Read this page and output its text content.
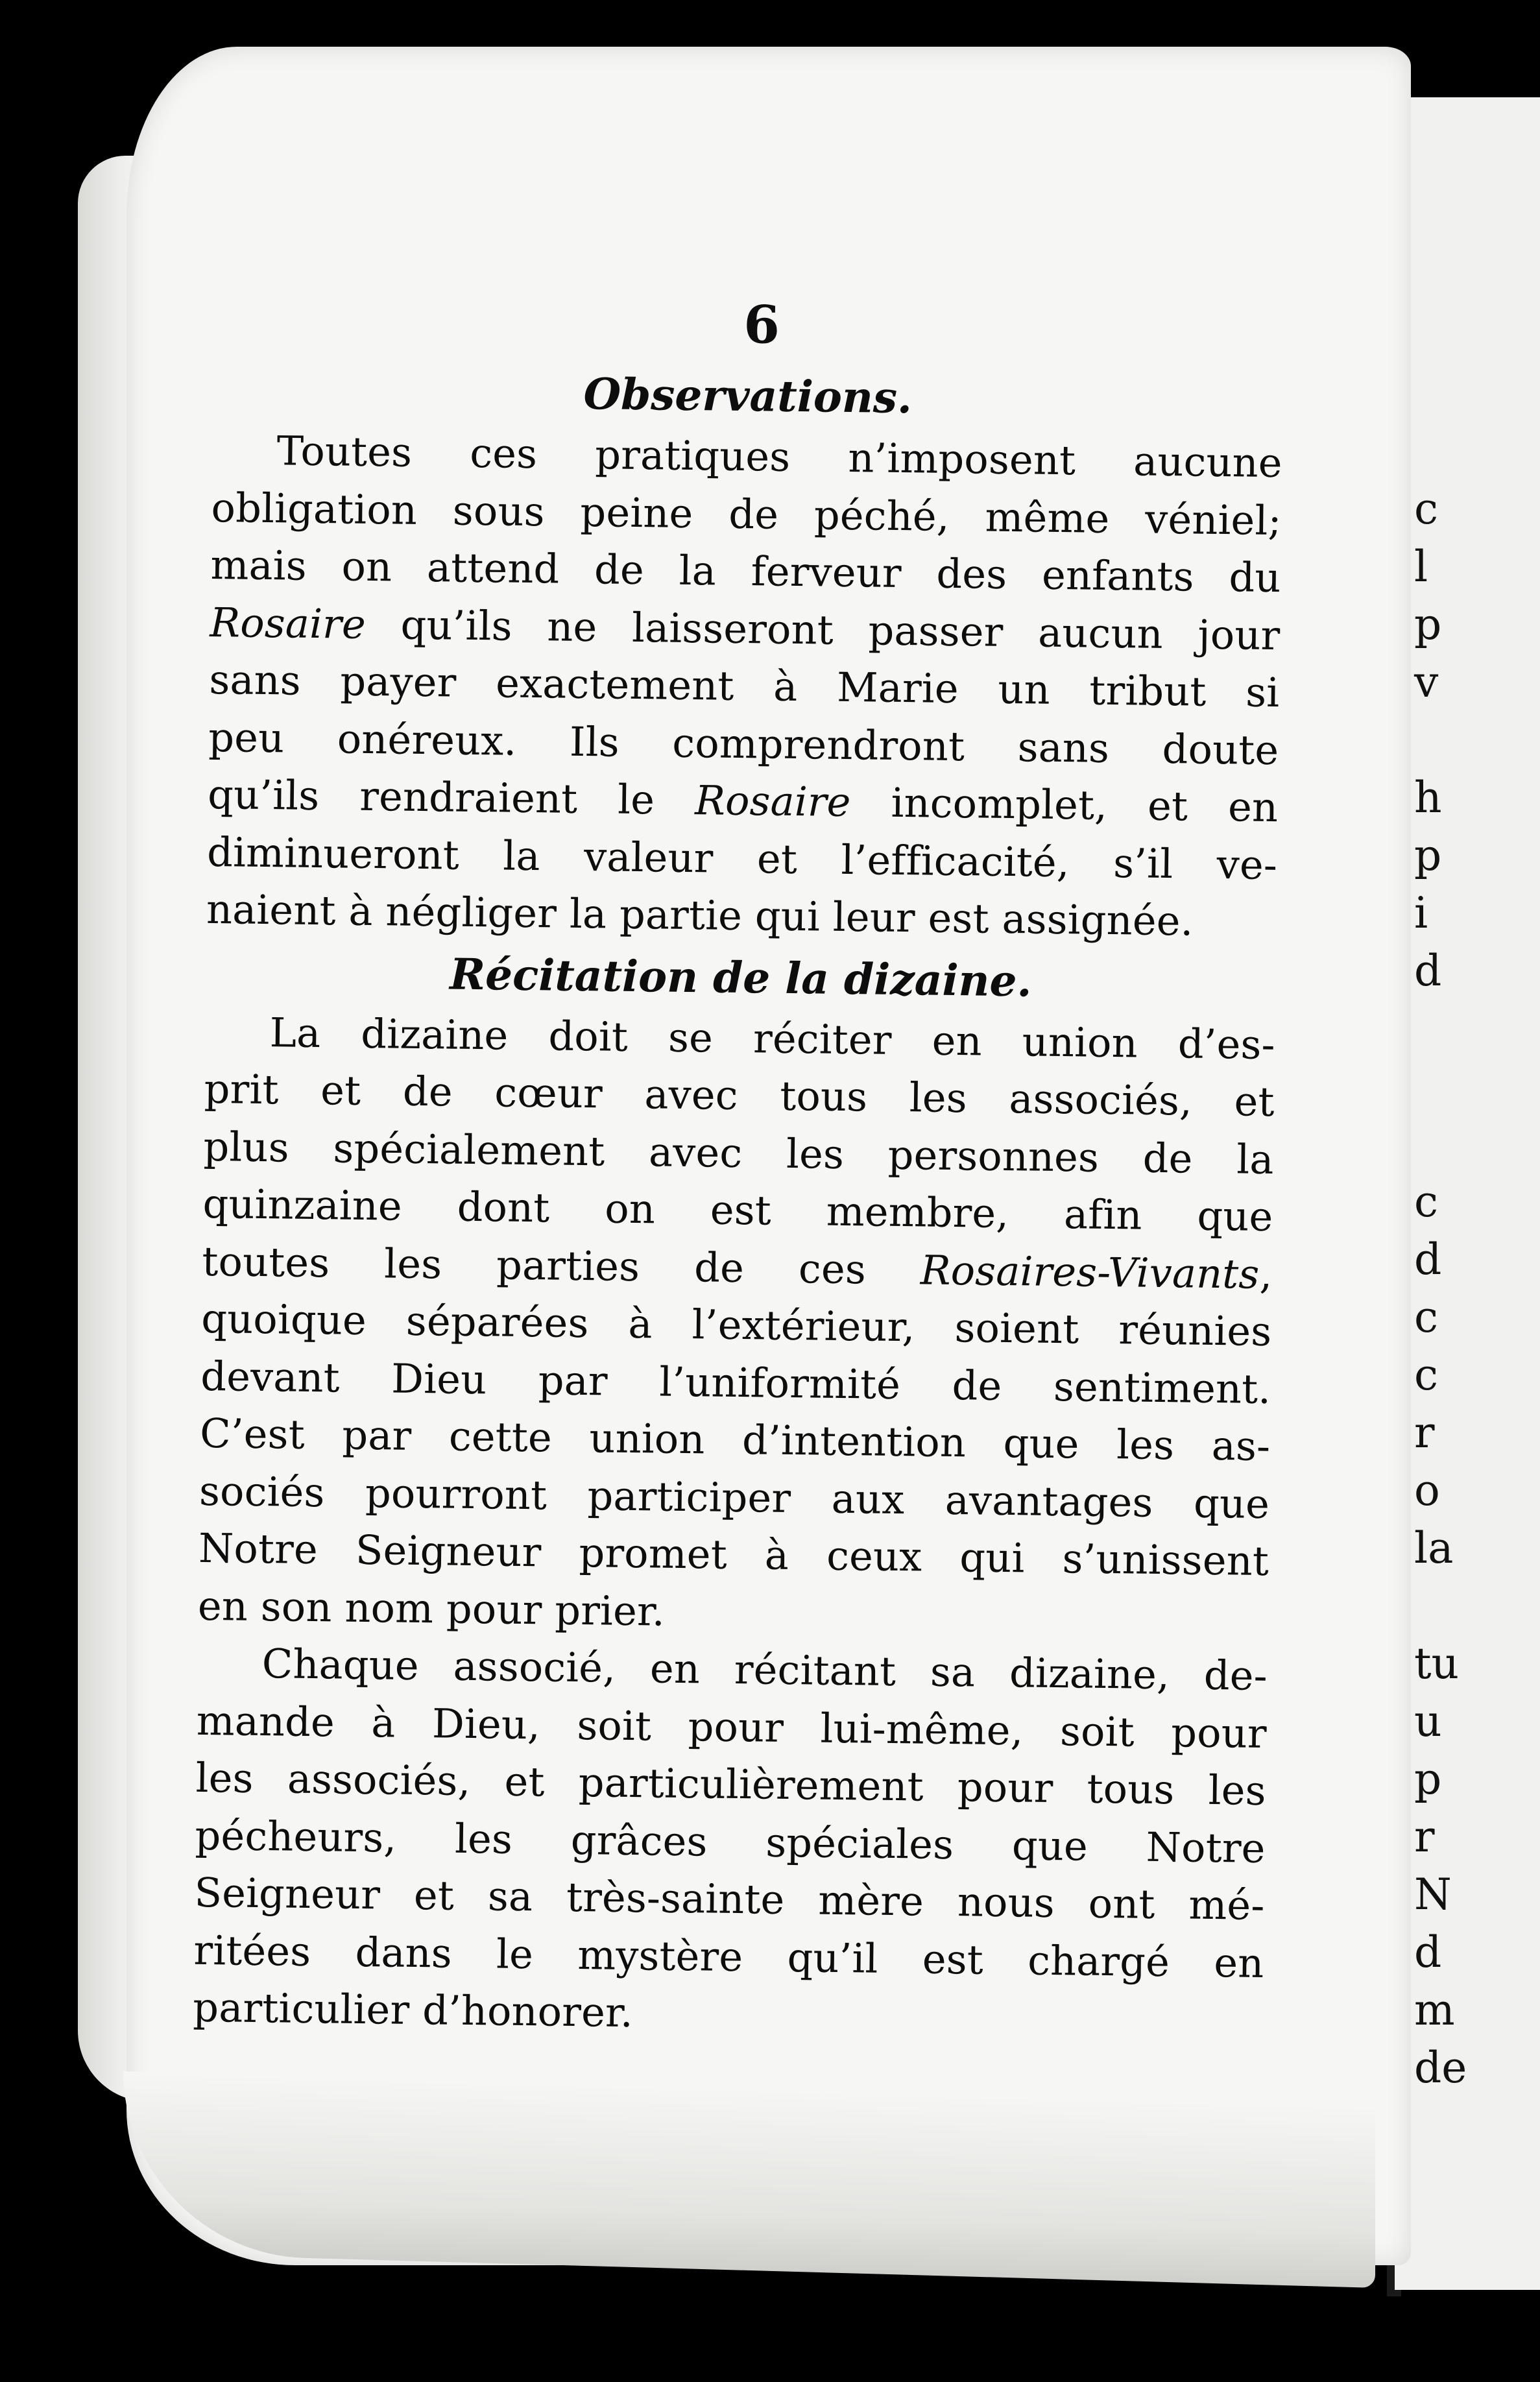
c
l
p
v
h
p
i
d
c
d
c
c
r
o
la
tu
u
p
r
N
d
m
de
6
Observations.
Toutes ces pratiques n’imposent aucune
obligation sous peine de péché, même véniel;
mais on attend de la ferveur des enfants du
Rosaire qu’ils ne laisseront passer aucun jour
sans payer exactement à Marie un tribut si
peu onéreux. Ils comprendront sans doute
qu’ils rendraient le Rosaire incomplet, et en
diminueront la valeur et l’efficacité, s’il ve-
naient à négliger la partie qui leur est assignée.
Récitation de la dizaine.
La dizaine doit se réciter en union d’es-
prit et de cœur avec tous les associés, et
plus spécialement avec les personnes de la
quinzaine dont on est membre, afin que
toutes les parties de ces Rosaires-Vivants,
quoique séparées à l’extérieur, soient réunies
devant Dieu par l’uniformité de sentiment.
C’est par cette union d’intention que les as-
sociés pourront participer aux avantages que
Notre Seigneur promet à ceux qui s’unissent
en son nom pour prier.
Chaque associé, en récitant sa dizaine, de-
mande à Dieu, soit pour lui-même, soit pour
les associés, et particulièrement pour tous les
pécheurs, les grâces spéciales que Notre
Seigneur et sa très-sainte mère nous ont mé-
ritées dans le mystère qu’il est chargé en
particulier d’honorer.
